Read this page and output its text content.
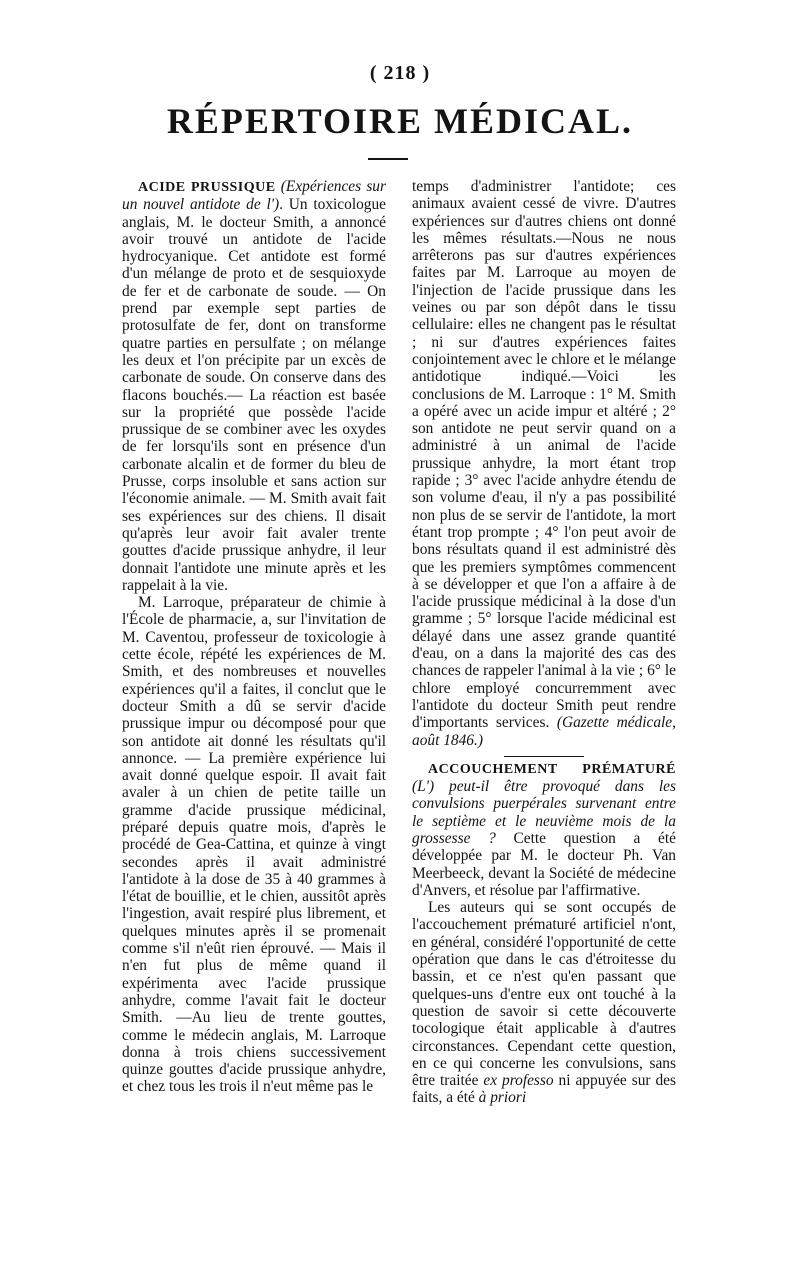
( 218 )
RÉPERTOIRE MÉDICAL.

ACIDE PRUSSIQUE (Expériences sur un nouvel antidote de l'). Un toxicologue anglais, M. le docteur Smith, a annoncé avoir trouvé un antidote de l'acide hydrocyanique. Cet antidote est formé d'un mélange de proto et de sesquioxyde de fer et de carbonate de soude. — On prend par exemple sept parties de protosulfate de fer, dont on transforme quatre parties en persulfate ; on mélange les deux et l'on précipite par un excès de carbonate de soude. On conserve dans des flacons bouchés.— La réaction est basée sur la propriété que possède l'acide prussique de se combiner avec les oxydes de fer lorsqu'ils sont en présence d'un carbonate alcalin et de former du bleu de Prusse, corps insoluble et sans action sur l'économie animale. — M. Smith avait fait ses expériences sur des chiens. Il disait qu'après leur avoir fait avaler trente gouttes d'acide prussique anhydre, il leur donnait l'antidote une minute après et les rappelait à la vie.

M. Larroque, préparateur de chimie à l'École de pharmacie, a, sur l'invitation de M. Caventou, professeur de toxicologie à cette école, répété les expériences de M. Smith, et des nombreuses et nouvelles expériences qu'il a faites, il conclut que le docteur Smith a dû se servir d'acide prussique impur ou décomposé pour que son antidote ait donné les résultats qu'il annonce. — La première expérience lui avait donné quelque espoir. Il avait fait avaler à un chien de petite taille un gramme d'acide prussique médicinal, préparé depuis quatre mois, d'après le procédé de Geа-Cattina, et quinze à vingt secondes après il avait administré l'antidote à la dose de 35 à 40 grammes à l'état de bouillie, et le chien, aussitôt après l'ingestion, avait respiré plus librement, et quelques minutes après il se promenait comme s'il n'eût rien éprouvé. — Mais il n'en fut plus de même quand il expérimenta avec l'acide prussique anhydre, comme l'avait fait le docteur Smith. —Au lieu de trente gouttes, comme le médecin anglais, M. Larroque donna à trois chiens successivement quinze gouttes d'acide prussique anhydre, et chez tous les trois il n'eut même pas le

temps d'administrer l'antidote; ces animaux avaient cessé de vivre. D'autres expériences sur d'autres chiens ont donné les mêmes résultats.—Nous ne nous arrêterons pas sur d'autres expériences faites par M. Larroque au moyen de l'injection de l'acide prussique dans les veines ou par son dépôt dans le tissu cellulaire: elles ne changent pas le résultat ; ni sur d'autres expériences faites conjointement avec le chlore et le mélange antidotique indiqué.—Voici les conclusions de M. Larroque : 1° M. Smith a opéré avec un acide impur et altéré ; 2° son antidote ne peut servir quand on a administré à un animal de l'acide prussique anhydre, la mort étant trop rapide ; 3° avec l'acide anhydre étendu de son volume d'eau, il n'y a pas possibilité non plus de se servir de l'antidote, la mort étant trop prompte ; 4° l'on peut avoir de bons résultats quand il est administré dès que les premiers symptômes commencent à se développer et que l'on a affaire à de l'acide prussique médicinal à la dose d'un gramme ; 5° lorsque l'acide médicinal est délayé dans une assez grande quantité d'eau, on a dans la majorité des cas des chances de rappeler l'animal à la vie ; 6° le chlore employé concurremment avec l'antidote du docteur Smith peut rendre d'importants services. (Gazette médicale, août 1846.)

ACCOUCHEMENT PRÉMATURÉ (L') peut-il être provoqué dans les convulsions puerpérales survenant entre le septième et le neuvième mois de la grossesse ? Cette question a été développée par M. le docteur Ph. Van Meerbeeck, devant la Société de médecine d'Anvers, et résolue par l'affirmative.

Les auteurs qui se sont occupés de l'accouchement prématuré artificiel n'ont, en général, considéré l'opportunité de cette opération que dans le cas d'étroitesse du bassin, et ce n'est qu'en passant que quelques-uns d'entre eux ont touché à la question de savoir si cette découverte tocologique était applicable à d'autres circonstances. Cependant cette question, en ce qui concerne les convulsions, sans être traitée ex professo ni appuyée sur des faits, a été à priori
